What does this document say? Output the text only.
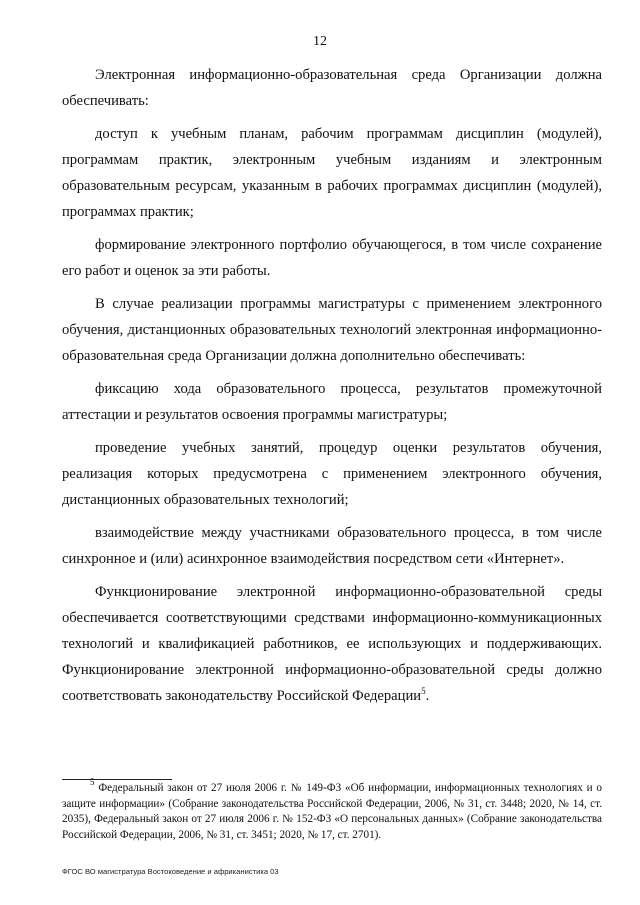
12

Электронная информационно-образовательная среда Организации должна обеспечивать:

доступ к учебным планам, рабочим программам дисциплин (модулей), программам практик, электронным учебным изданиям и электронным образовательным ресурсам, указанным в рабочих программах дисциплин (модулей), программах практик;

формирование электронного портфолио обучающегося, в том числе сохранение его работ и оценок за эти работы.

В случае реализации программы магистратуры с применением электронного обучения, дистанционных образовательных технологий электронная информационно-образовательная среда Организации должна дополнительно обеспечивать:

фиксацию хода образовательного процесса, результатов промежуточной аттестации и результатов освоения программы магистратуры;

проведение учебных занятий, процедур оценки результатов обучения, реализация которых предусмотрена с применением электронного обучения, дистанционных образовательных технологий;

взаимодействие между участниками образовательного процесса, в том числе синхронное и (или) асинхронное взаимодействия посредством сети «Интернет».

Функционирование электронной информационно-образовательной среды обеспечивается соответствующими средствами информационно-коммуникационных технологий и квалификацией работников, ее использующих и поддерживающих. Функционирование электронной информационно-образовательной среды должно соответствовать законодательству Российской Федерации$^5$.

$^5$ Федеральный закон от 27 июля 2006 г. № 149-ФЗ «Об информации, информационных технологиях и о защите информации» (Собрание законодательства Российской Федерации, 2006, № 31, ст. 3448; 2020, № 14, ст. 2035), Федеральный закон от 27 июля 2006 г. № 152-ФЗ «О персональных данных» (Собрание законодательства Российской Федерации, 2006, № 31, ст. 3451; 2020, № 17, ст. 2701).

ФГОС ВО магистратура Востоковедение и африканистика 03
